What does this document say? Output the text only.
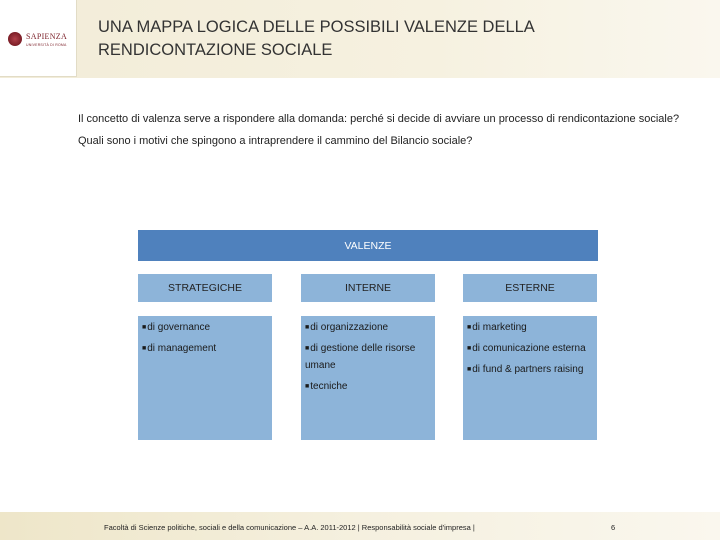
SAPIENZA
UNIVERSITÀ DI ROMA
UNA MAPPA LOGICA DELLE POSSIBILI VALENZE DELLA RENDICONTAZIONE SOCIALE

Il concetto di valenza serve a rispondere alla domanda: perché si decide di avviare un processo di rendicontazione sociale? Quali sono i motivi che spingono a intraprendere il cammino del Bilancio sociale?

VALENZE
STRATEGICHE	INTERNE	ESTERNE
■di governance
■di management
■di organizzazione
■di gestione delle risorse umane
■tecniche
■di marketing
■di comunicazione esterna
■di fund & partners raising
Facoltà di Scienze politiche, sociali e della comunicazione – A.A. 2011-2012 | Responsabilità sociale d'impresa |	6
